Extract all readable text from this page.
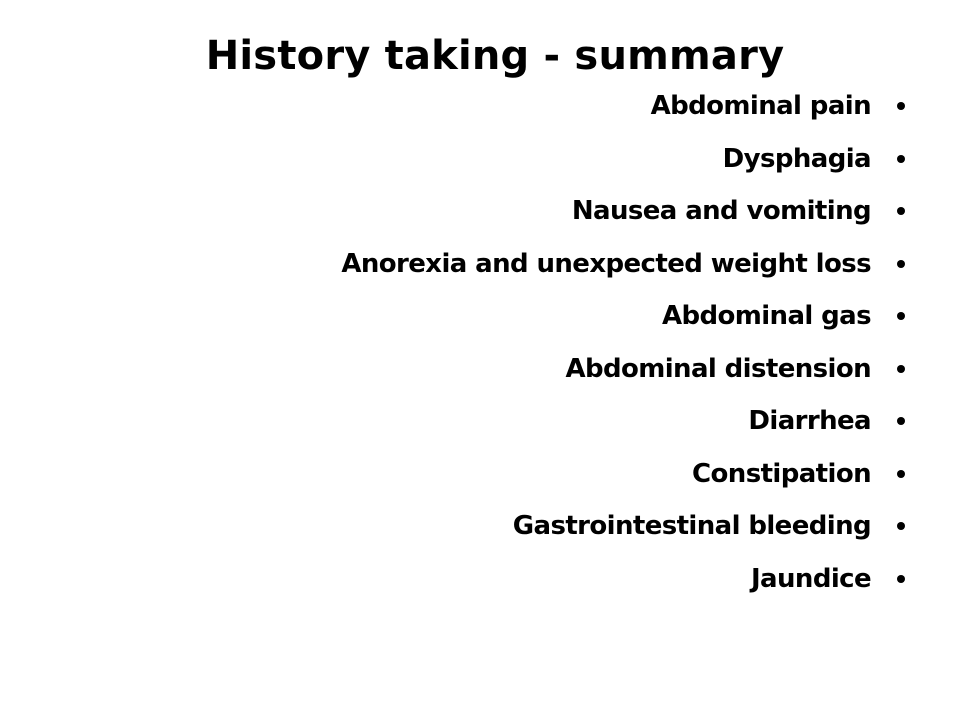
History taking - summary
Abdominal pain
Dysphagia
Nausea and vomiting
Anorexia and unexpected weight loss
Abdominal gas
Abdominal distension
Diarrhea
Constipation
Gastrointestinal bleeding
Jaundice
